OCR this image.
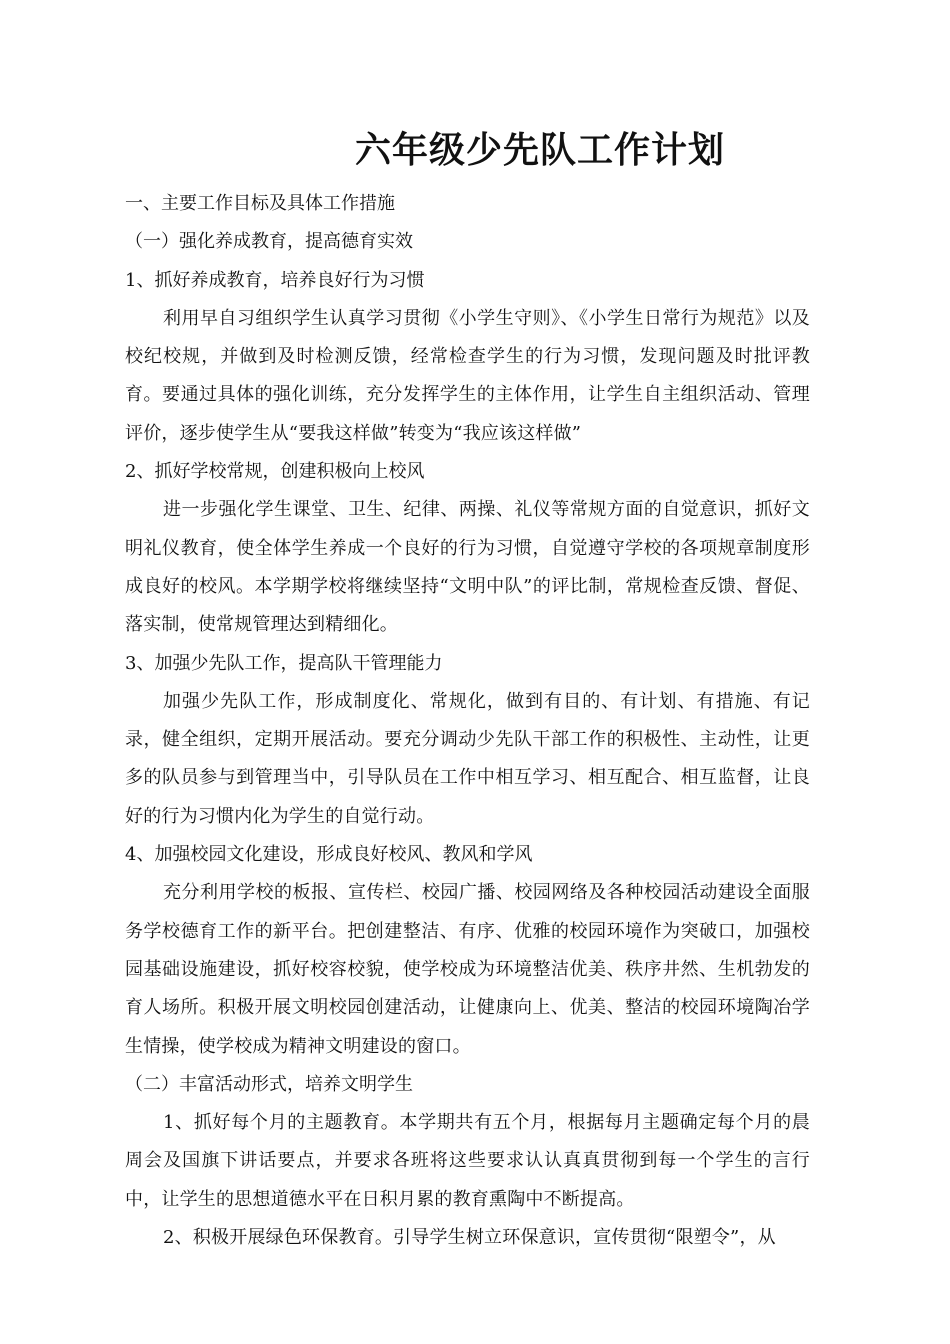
六年级少先队工作计划

一、主要工作目标及具体工作措施

（一）强化养成教育，提高德育实效

1、抓好养成教育，培养良好行为习惯

利用早自习组织学生认真学习贯彻《小学生守则》、《小学生日常行为规范》以及校纪校规，并做到及时检测反馈，经常检查学生的行为习惯，发现问题及时批评教育。要通过具体的强化训练，充分发挥学生的主体作用，让学生自主组织活动、管理评价，逐步使学生从“要我这样做”转变为“我应该这样做”

2、抓好学校常规，创建积极向上校风

进一步强化学生课堂、卫生、纪律、两操、礼仪等常规方面的自觉意识，抓好文明礼仪教育，使全体学生养成一个良好的行为习惯，自觉遵守学校的各项规章制度形成良好的校风。本学期学校将继续坚持“文明中队”的评比制，常规检查反馈、督促、落实制，使常规管理达到精细化。

3、加强少先队工作，提高队干管理能力

加强少先队工作，形成制度化、常规化，做到有目的、有计划、有措施、有记录，健全组织，定期开展活动。要充分调动少先队干部工作的积极性、主动性，让更多的队员参与到管理当中，引导队员在工作中相互学习、相互配合、相互监督，让良好的行为习惯内化为学生的自觉行动。

4、加强校园文化建设，形成良好校风、教风和学风

充分利用学校的板报、宣传栏、校园广播、校园网络及各种校园活动建设全面服务学校德育工作的新平台。把创建整洁、有序、优雅的校园环境作为突破口，加强校园基础设施建设，抓好校容校貌，使学校成为环境整洁优美、秩序井然、生机勃发的育人场所。积极开展文明校园创建活动，让健康向上、优美、整洁的校园环境陶冶学生情操，使学校成为精神文明建设的窗口。

（二）丰富活动形式，培养文明学生

1、抓好每个月的主题教育。本学期共有五个月，根据每月主题确定每个月的晨周会及国旗下讲话要点，并要求各班将这些要求认认真真贯彻到每一个学生的言行中，让学生的思想道德水平在日积月累的教育熏陶中不断提高。

2、积极开展绿色环保教育。引导学生树立环保意识，宣传贯彻“限塑令”，从
